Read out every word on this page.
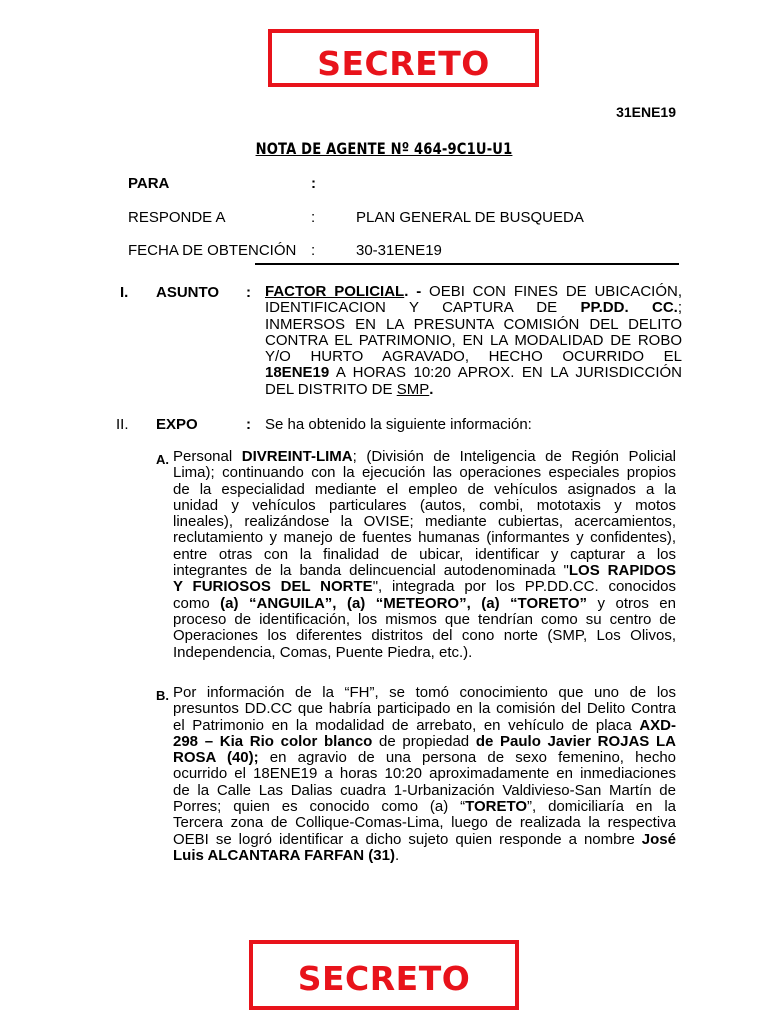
SECRETO
31ENE19
NOTA DE AGENTE Nº 464-9C1U-U1
PARA	:
RESPONDE A	:	PLAN GENERAL DE BUSQUEDA
FECHA DE OBTENCIÓN :	30-31ENE19
I. ASUNTO : FACTOR POLICIAL. - OEBI CON FINES DE UBICACIÓN,
IDENTIFICACION Y CAPTURA DE PP.DD. CC.;
INMERSOS EN LA PRESUNTA COMISIÓN DEL DELITO
CONTRA EL PATRIMONIO, EN LA MODALIDAD DE ROBO
Y/O HURTO AGRAVADO, HECHO OCURRIDO EL
18ENE19 A HORAS 10:20 APROX. EN LA JURISDICCIÓN
DEL DISTRITO DE SMP.
II. EXPO	: Se ha obtenido la siguiente información:
A. Personal DIVREINT-LIMA; (División de Inteligencia de Región Policial
Lima); continuando con la ejecución las operaciones especiales propios
de la especialidad mediante el empleo de vehículos asignados a la
unidad y vehículos particulares (autos, combi, mototaxis y motos
lineales), realizándose la OVISE; mediante cubiertas, acercamientos,
reclutamiento y manejo de fuentes humanas (informantes y confidentes),
entre otras con la finalidad de ubicar, identificar y capturar a los
integrantes de la banda delincuencial autodenominada "LOS RAPIDOS
Y FURIOSOS DEL NORTE", integrada por los PP.DD.CC. conocidos
como (a) “ANGUILA”, (a) “METEORO”, (a) “TORETO” y otros en
proceso de identificación, los mismos que tendrían como su centro de
Operaciones los diferentes distritos del cono norte (SMP, Los Olivos,
Independencia, Comas, Puente Piedra, etc.).
B. Por información de la “FH”, se tomó conocimiento que uno de los
presuntos DD.CC que habría participado en la comisión del Delito Contra
el Patrimonio en la modalidad de arrebato, en vehículo de placa AXD-
298 – Kia Rio color blanco de propiedad de Paulo Javier ROJAS LA
ROSA (40); en agravio de una persona de sexo femenino, hecho
ocurrido el 18ENE19 a horas 10:20 aproximadamente en inmediaciones
de la Calle Las Dalias cuadra 1-Urbanización Valdivieso-San Martín de
Porres; quien es conocido como (a) “TORETO”, domiciliaría en la
Tercera zona de Collique-Comas-Lima, luego de realizada la respectiva
OEBI se logró identificar a dicho sujeto quien responde a nombre José
Luis ALCANTARA FARFAN (31).
SECRETO
